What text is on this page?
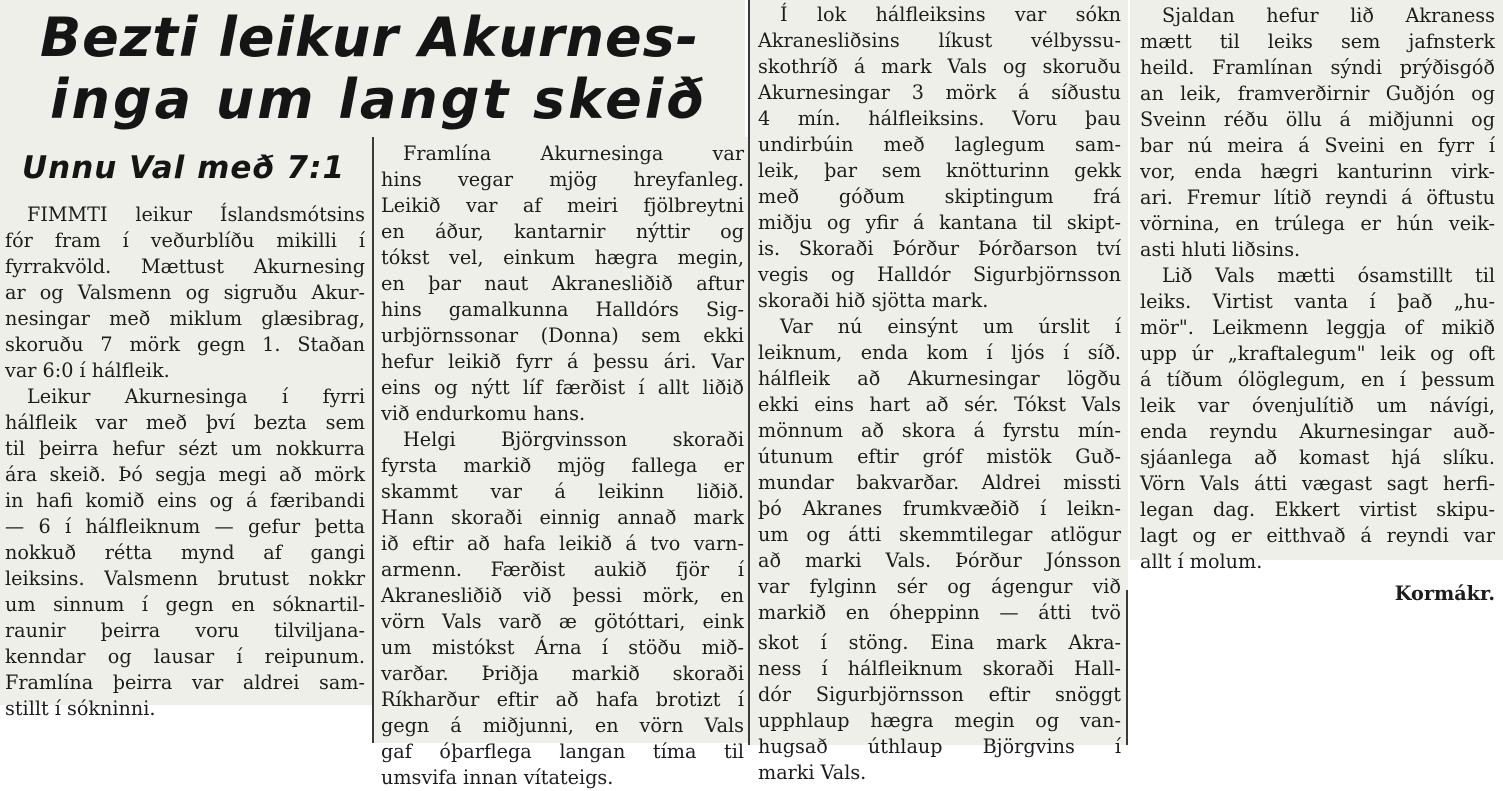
Bezti leikur Akurnes-
inga um langt skeið
Unnu Val með 7:1
FIMMTI leikur Íslandsmótsins
fór fram í veðurblíðu mikilli í
fyrrakvöld. Mættust Akurnesing
ar og Valsmenn og sigruðu Akur-
nesingar með miklum glæsibrag,
skoruðu 7 mörk gegn 1. Staðan
var 6:0 í hálfleik.
Leikur Akurnesinga í fyrri
hálfleik var með því bezta sem
til þeirra hefur sézt um nokkurra
ára skeið. Þó segja megi að mörk
in hafi komið eins og á færibandi
— 6 í hálfleiknum — gefur þetta
nokkuð rétta mynd af gangi
leiksins. Valsmenn brutust nokkr
um sinnum í gegn en sóknartil-
raunir þeirra voru tilviljana-
kenndar og lausar í reipunum.
Framlína þeirra var aldrei sam-
stillt í sókninni.
Framlína Akurnesinga var
hins vegar mjög hreyfanleg.
Leikið var af meiri fjölbreytni
en áður, kantarnir nýttir og
tókst vel, einkum hægra megin,
en þar naut Akranesliðið aftur
hins gamalkunna Halldórs Sig-
urbjörnssonar (Donna) sem ekki
hefur leikið fyrr á þessu ári. Var
eins og nýtt líf færðist í allt liðið
við endurkomu hans.
Helgi Björgvinsson skoraði
fyrsta markið mjög fallega er
skammt var á leikinn liðið.
Hann skoraði einnig annað mark
ið eftir að hafa leikið á tvo varn-
armenn. Færðist aukið fjör í
Akranesliðið við þessi mörk, en
vörn Vals varð æ götóttari, eink
um mistókst Árna í stöðu mið-
varðar. Þriðja markið skoraði
Ríkharður eftir að hafa brotizt í
gegn á miðjunni, en vörn Vals
gaf óþarflega langan tíma til
umsvifa innan vítateigs.
Í lok hálfleiksins var sókn
Akranesliðsins líkust vélbyssu-
skothríð á mark Vals og skoruðu
Akurnesingar 3 mörk á síðustu
4 mín. hálfleiksins. Voru þau
undirbúin með laglegum sam-
leik, þar sem knötturinn gekk
með góðum skiptingum frá
miðju og yfir á kantana til skipt-
is. Skoraði Þórður Þórðarson tví
vegis og Halldór Sigurbjörnsson
skoraði hið sjötta mark.
Var nú einsýnt um úrslit í
leiknum, enda kom í ljós í síð.
hálfleik að Akurnesingar lögðu
ekki eins hart að sér. Tókst Vals
mönnum að skora á fyrstu mín-
útunum eftir gróf mistök Guð-
mundar bakvarðar. Aldrei missti
þó Akranes frumkvæðið í leikn-
um og átti skemmtilegar atlögur
að marki Vals. Þórður Jónsson
var fylginn sér og ágengur við
markið en óheppinn — átti tvö
skot í stöng. Eina mark Akra-
ness í hálfleiknum skoraði Hall-
dór Sigurbjörnsson eftir snöggt
upphlaup hægra megin og van-
hugsað úthlaup Björgvins í
marki Vals.
Sjaldan hefur lið Akraness
mætt til leiks sem jafnsterk
heild. Framlínan sýndi prýðisgóð
an leik, framverðirnir Guðjón og
Sveinn réðu öllu á miðjunni og
bar nú meira á Sveini en fyrr í
vor, enda hægri kanturinn virk-
ari. Fremur lítið reyndi á öftustu
vörnina, en trúlega er hún veik-
asti hluti liðsins.
Lið Vals mætti ósamstillt til
leiks. Virtist vanta í það „hu-
mör". Leikmenn leggja of mikið
upp úr „kraftalegum" leik og oft
á tíðum ólöglegum, en í þessum
leik var óvenjulítið um návígi,
enda reyndu Akurnesingar auð-
sjáanlega að komast hjá slíku.
Vörn Vals átti vægast sagt herfi-
legan dag. Ekkert virtist skipu-
lagt og er eitthvað á reyndi var
allt í molum.
Kormákr.
